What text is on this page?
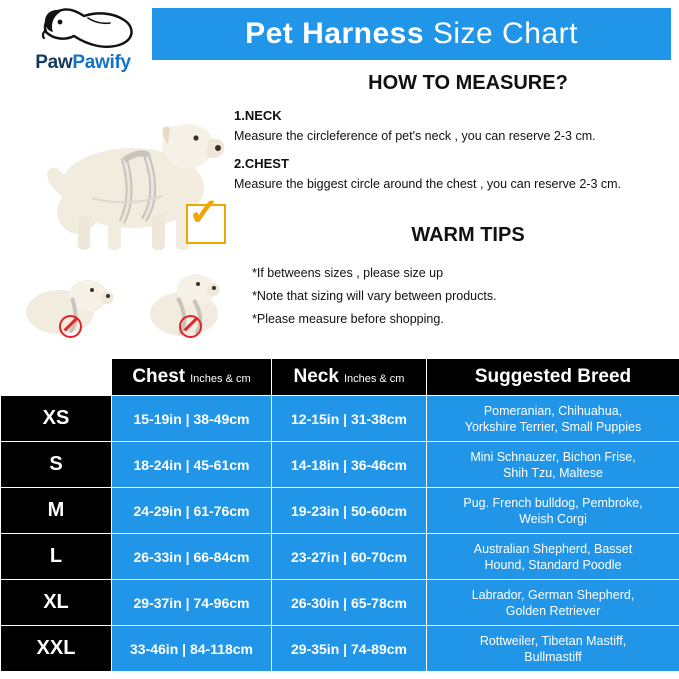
PawPawify
Pet Harness Size Chart
✓
HOW TO MEASURE?
1.NECK
Measure the circleference of pet's neck , you can reserve 2-3 cm.
2.CHEST
Measure the biggest circle around the chest , you can reserve 2-3 cm.
WARM TIPS
*If betweens sizes , please size up
*Note that sizing will vary between products.
*Please measure before shopping.
	Chest Inches & cm	Neck Inches & cm	Suggested Breed
XS	15-19in | 38-49cm	12-15in | 31-38cm	Pomeranian, Chihuahua,
Yorkshire Terrier, Small Puppies
S	18-24in | 45-61cm	14-18in | 36-46cm	Mini Schnauzer, Bichon Frise,
Shih Tzu, Maltese
M	24-29in | 61-76cm	19-23in | 50-60cm	Pug. French bulldog, Pembroke,
Weish Corgi
L	26-33in | 66-84cm	23-27in | 60-70cm	Australian Shepherd, Basset
Hound, Standard Poodle
XL	29-37in | 74-96cm	26-30in | 65-78cm	Labrador, German Shepherd,
Golden Retriever
XXL	33-46in | 84-118cm	29-35in | 74-89cm	Rottweiler, Tibetan Mastiff,
Bullmastiff
